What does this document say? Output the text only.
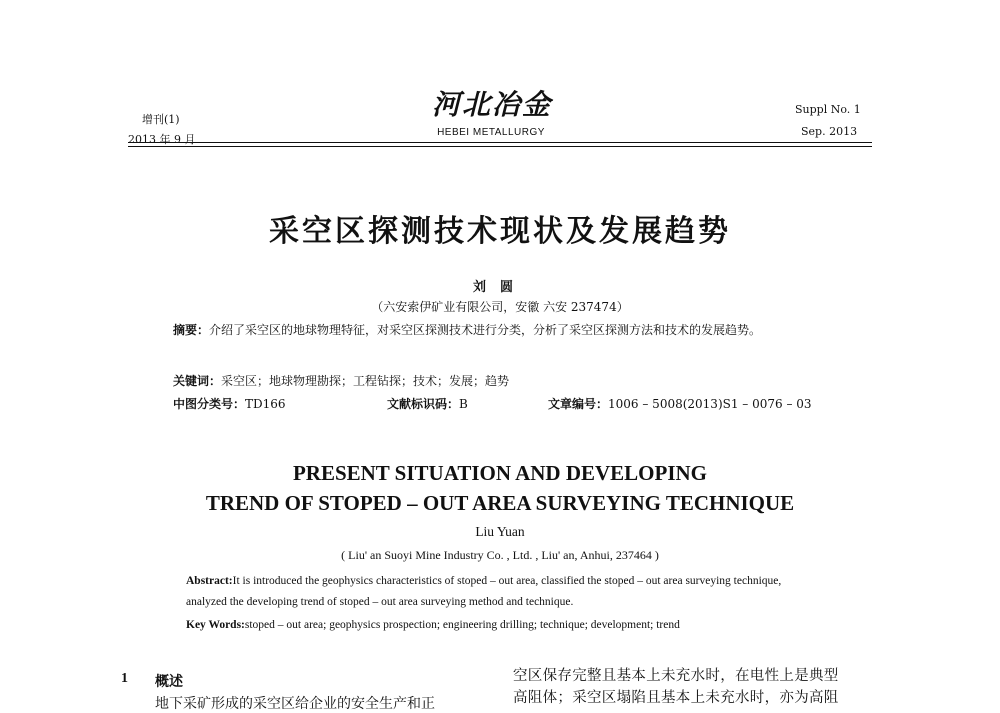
增刊(1)
2013 年 9 月
河北冶金
HEBEI METALLURGY
Suppl No. 1
Sep. 2013
采空区探测技术现状及发展趋势
刘圆
（六安索伊矿业有限公司，安徽 六安 237474）
摘要：介绍了采空区的地球物理特征，对采空区探测技术进行分类，分析了采空区探测方法和技术的发展趋势。
关键词：采空区；地球物理勘探；工程钻探；技术；发展；趋势
中图分类号：TD166	文献标识码：B	文章编号：1006 – 5008(2013)S1 – 0076 – 03
PRESENT SITUATION AND DEVELOPING
TREND OF STOPED – OUT AREA SURVEYING TECHNIQUE
Liu Yuan
( Liu' an Suoyi Mine Industry Co. , Ltd. , Liu' an, Anhui, 237464 )
Abstract:It is introduced the geophysics characteristics of stoped – out area, classified the stoped – out area surveying technique, analyzed the developing trend of stoped – out area surveying method and technique.
Key Words:stoped – out area; geophysics prospection; engineering drilling; technique; development; trend
1 概述
地下采矿形成的采空区给企业的安全生产和正
空区保存完整且基本上未充水时，在电性上是典型
高阻体；采空区塌陷且基本上未充水时，亦为高阻
